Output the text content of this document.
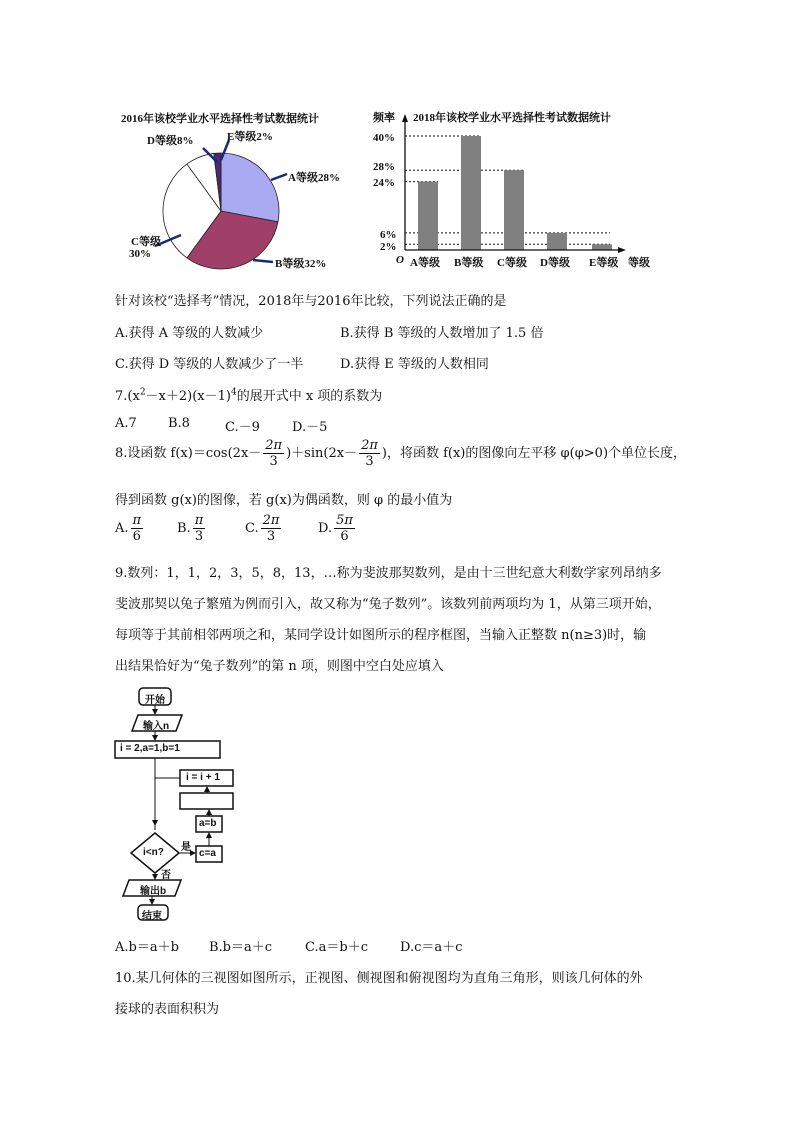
2016年该校学业水平选择性考试数据统计
D等级8%	E等级2%
A等级28%
B等级32%
C等级
30%
频率 2018年该校学业水平选择性考试数据统计
40%
28%
24%
6%
2%
O A等级 B等级 C等级 D等级 E等级 等级
针对该校“选择考”情况，2018年与2016年比较，下列说法正确的是
A.获得 A 等级的人数减少	B.获得 B 等级的人数增加了 1.5 倍
C.获得 D 等级的人数减少了一半	D.获得 E 等级的人数相同
$7.(x^2-x+2)(x-1)^4$的展开式中 x 项的系数为
A.7 B.8	C.－9 D.－5
8.设函数 $f(x)=\cos(2x- \frac{2\pi}{3} )+\sin(2x- \frac{2\pi}{3}$ )，将函数 f(x)的图像向左平移 φ(φ>0)个单位长度，
得到函数 g(x)的图像，若 g(x)为偶函数，则 φ 的最小值为
A. $\frac{\pi}{6}$	B. $\frac{\pi}{3}$	C. $\frac{2\pi}{3}$	D. $\frac{5\pi}{6}$
9.数列：1，1，2，3，5，8，13，…称为斐波那契数列，是由十三世纪意大利数学家列昂纳多
斐波那契以兔子繁殖为例而引入，故又称为“兔子数列”。该数列前两项均为 1，从第三项开始，
每项等于其前相邻两项之和，某同学设计如图所示的程序框图，当输入正整数 n(n≥3)时，输
出结果恰好为“兔子数列”的第 n 项，则图中空白处应填入
开始
输入n
i = 2,a=1,b=1
i = i + 1
a=b
c=a
i<n? 是
否
输出b
结束
A.b＝a＋b B.b＝a＋c	C.a＝b＋c D.c＝a＋c
10.某几何体的三视图如图所示，正视图、侧视图和俯视图均为直角三角形，则该几何体的外
接球的表面积积为
